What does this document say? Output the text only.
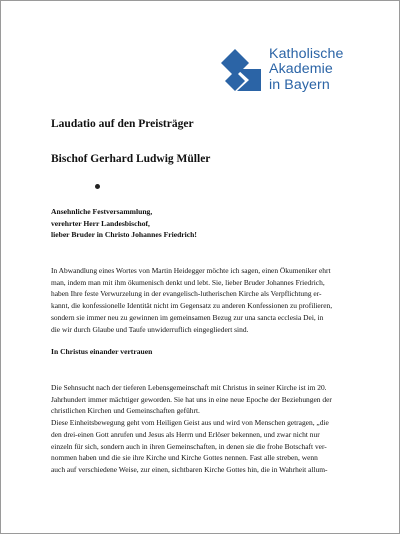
Katholische
Akademie
in Bayern
Laudatio auf den Preisträger
Bischof Gerhard Ludwig Müller
Ansehnliche Festversammlung,
verehrter Herr Landesbischof,
lieber Bruder in Christo Johannes Friedrich!
In Abwandlung eines Wortes von Martin Heidegger möchte ich sagen, einen Ökumeniker ehrt
man, indem man mit ihm ökumenisch denkt und lebt. Sie, lieber Bruder Johannes Friedrich,
haben Ihre feste Verwurzelung in der evangelisch-lutherischen Kirche als Verpflichtung er-
kannt, die konfessionelle Identität nicht im Gegensatz zu anderen Konfessionen zu profilieren,
sondern sie immer neu zu gewinnen im gemeinsamen Bezug zur una sancta ecclesia Dei, in
die wir durch Glaube und Taufe unwiderruflich eingegliedert sind.
In Christus einander vertrauen
Die Sehnsucht nach der tieferen Lebensgemeinschaft mit Christus in seiner Kirche ist im 20.
Jahrhundert immer mächtiger geworden. Sie hat uns in eine neue Epoche der Beziehungen der
christlichen Kirchen und Gemeinschaften geführt.
Diese Einheitsbewegung geht vom Heiligen Geist aus und wird von Menschen getragen, „die
den drei-einen Gott anrufen und Jesus als Herrn und Erlöser bekennen, und zwar nicht nur
einzeln für sich, sondern auch in ihren Gemeinschaften, in denen sie die frohe Botschaft ver-
nommen haben und die sie ihre Kirche und Kirche Gottes nennen. Fast alle streben, wenn
auch auf verschiedene Weise, zur einen, sichtbaren Kirche Gottes hin, die in Wahrheit allum-
